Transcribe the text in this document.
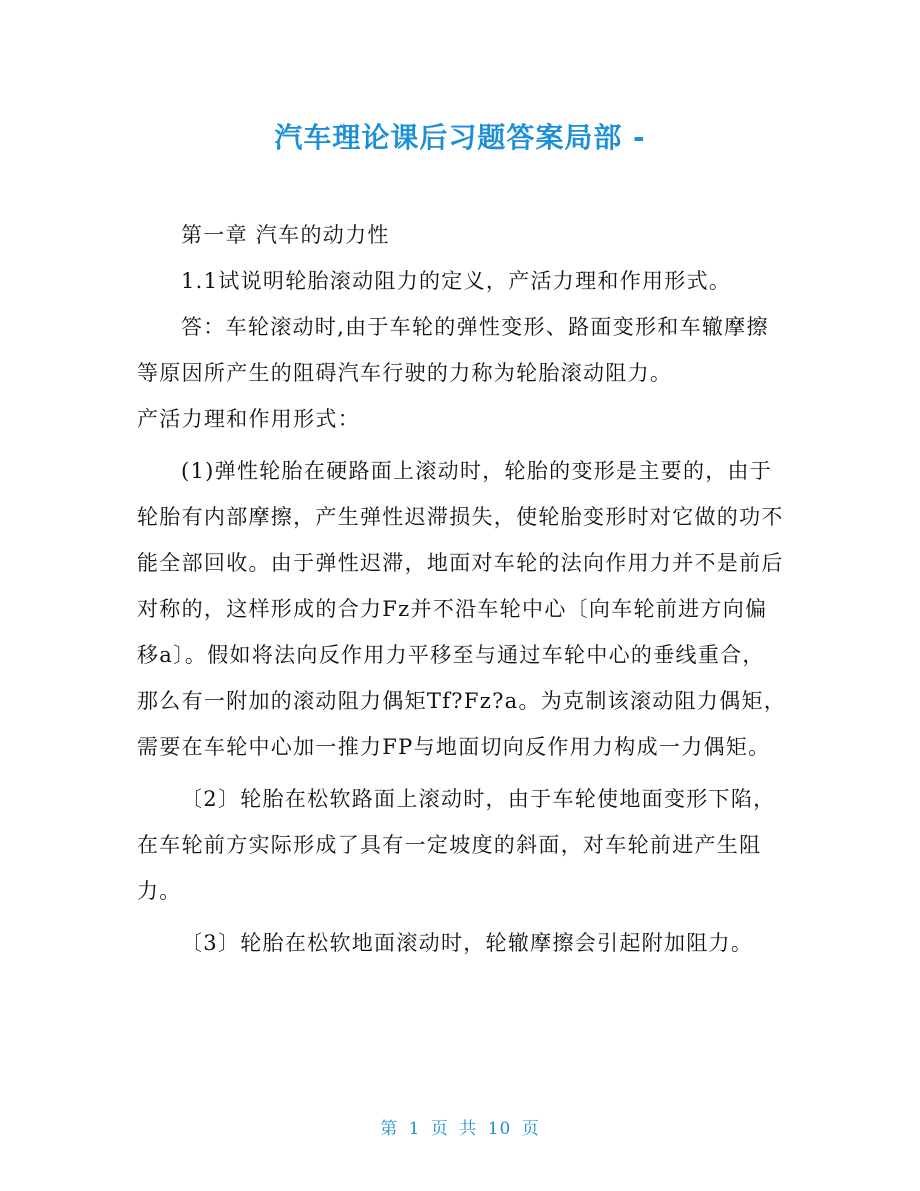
汽车理论课后习题答案局部 -

第一章 汽车的动力性

1.1试说明轮胎滚动阻力的定义，产活力理和作用形式。

答：车轮滚动时,由于车轮的弹性变形、路面变形和车辙摩擦等原因所产生的阻碍汽车行驶的力称为轮胎滚动阻力。

产活力理和作用形式：

(1)弹性轮胎在硬路面上滚动时，轮胎的变形是主要的，由于轮胎有内部摩擦，产生弹性迟滞损失，使轮胎变形时对它做的功不能全部回收。由于弹性迟滞，地面对车轮的法向作用力并不是前后对称的，这样形成的合力Fz并不沿车轮中心〔向车轮前进方向偏移a〕。假如将法向反作用力平移至与通过车轮中心的垂线重合，那么有一附加的滚动阻力偶矩Tf?Fz?a。为克制该滚动阻力偶矩，需要在车轮中心加一推力FP与地面切向反作用力构成一力偶矩。

〔2〕轮胎在松软路面上滚动时，由于车轮使地面变形下陷，在车轮前方实际形成了具有一定坡度的斜面，对车轮前进产生阻力。

〔3〕轮胎在松软地面滚动时，轮辙摩擦会引起附加阻力。

第 1 页 共 10 页
